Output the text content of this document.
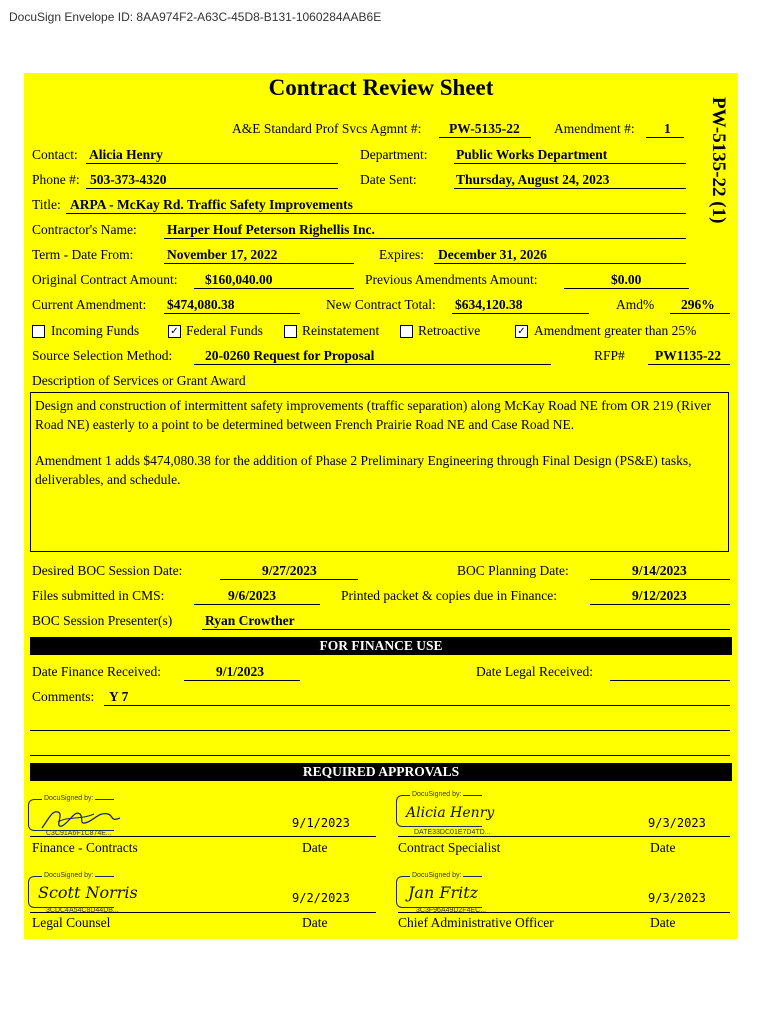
DocuSign Envelope ID: 8AA974F2-A63C-45D8-B131-1060284AAB6E
Contract Review Sheet
PW-5135-22 (1)
A&E Standard Prof Svcs Agmnt #: PW-5135-22	Amendment #: 1
Contact: Alicia Henry	Department: Public Works Department
Phone #: 503-373-4320	Date Sent:	Thursday, August 24, 2023
Title: ARPA - McKay Rd. Traffic Safety Improvements
Contractor's Name: Harper Houf Peterson Righellis Inc.
Term - Date From: November 17, 2022	Expires: December 31, 2026
Original Contract Amount: $160,040.00	Previous Amendments Amount:	$0.00
Current Amendment: $474,080.38	New Contract Total: $634,120.38	Amd% 296%
Incoming Funds	✓ Federal Funds	Reinstatement	Retroactive	✓ Amendment greater than 25%
Source Selection Method: 20-0260 Request for Proposal	RFP# PW1135-22
Description of Services or Grant Award

Design and construction of intermittent safety improvements (traffic separation) along McKay Road NE from OR 219 (River Road NE) easterly to a point to be determined between French Prairie Road NE and Case Road NE.

Amendment 1 adds $474,080.38 for the addition of Phase 2 Preliminary Engineering through Final Design (PS&E) tasks, deliverables, and schedule.

Desired BOC Session Date:	9/27/2023	BOC Planning Date:	9/14/2023
Files submitted in CMS:	9/6/2023	Printed packet & copies due in Finance:	9/12/2023
BOC Session Presenter(s) Ryan Crowther
FOR FINANCE USE
Date Finance Received:	9/1/2023	Date Legal Received:
Comments: Y 7
REQUIRED APPROVALS
DocuSigned by:
C3C91A6F1C874E...
9/1/2023
Finance - Contracts	Date
DocuSigned by:
Alicia Henry
DATE33DC01E7D4TD...
9/3/2023
Contract Specialist	Date
DocuSigned by:
Scott Norris
3CDC4A54C8D44DB...
9/2/2023
Legal Counsel	Date
DocuSigned by:
Jan Fritz
3C3F96A49D2F4EC...
9/3/2023
Chief Administrative Officer	Date
